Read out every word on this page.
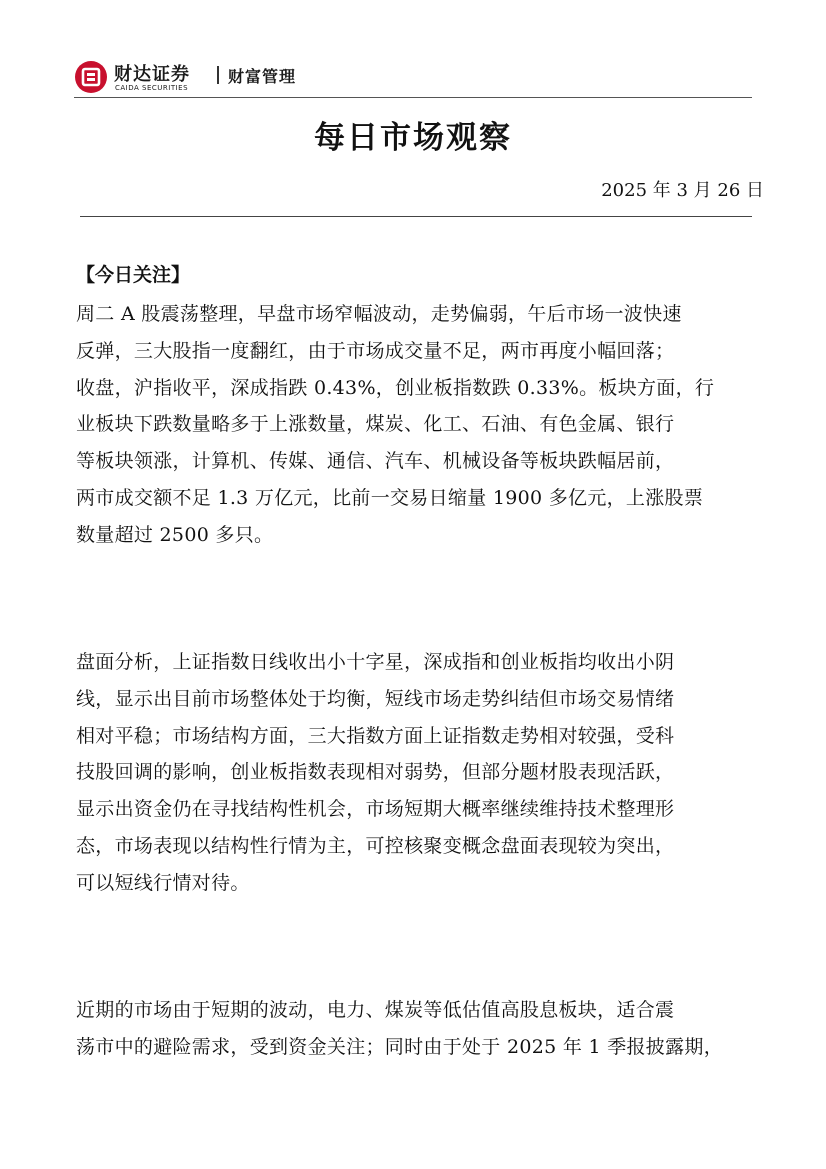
财达证券
CAIDA SECURITIES
财富管理
每日市场观察
2025 年 3 月 26 日
【今日关注】

周二 A 股震荡整理，早盘市场窄幅波动，走势偏弱，午后市场一波快速
反弹，三大股指一度翻红，由于市场成交量不足，两市再度小幅回落；
收盘，沪指收平，深成指跌 0.43%，创业板指数跌 0.33%。板块方面，行
业板块下跌数量略多于上涨数量，煤炭、化工、石油、有色金属、银行
等板块领涨，计算机、传媒、通信、汽车、机械设备等板块跌幅居前，
两市成交额不足 1.3 万亿元，比前一交易日缩量 1900 多亿元，上涨股票
数量超过 2500 多只。

盘面分析，上证指数日线收出小十字星，深成指和创业板指均收出小阴
线，显示出目前市场整体处于均衡，短线市场走势纠结但市场交易情绪
相对平稳；市场结构方面，三大指数方面上证指数走势相对较强，受科
技股回调的影响，创业板指数表现相对弱势，但部分题材股表现活跃，
显示出资金仍在寻找结构性机会，市场短期大概率继续维持技术整理形
态，市场表现以结构性行情为主，可控核聚变概念盘面表现较为突出，
可以短线行情对待。

近期的市场由于短期的波动，电力、煤炭等低估值高股息板块，适合震
荡市中的避险需求，受到资金关注；同时由于处于 2025 年 1 季报披露期，
